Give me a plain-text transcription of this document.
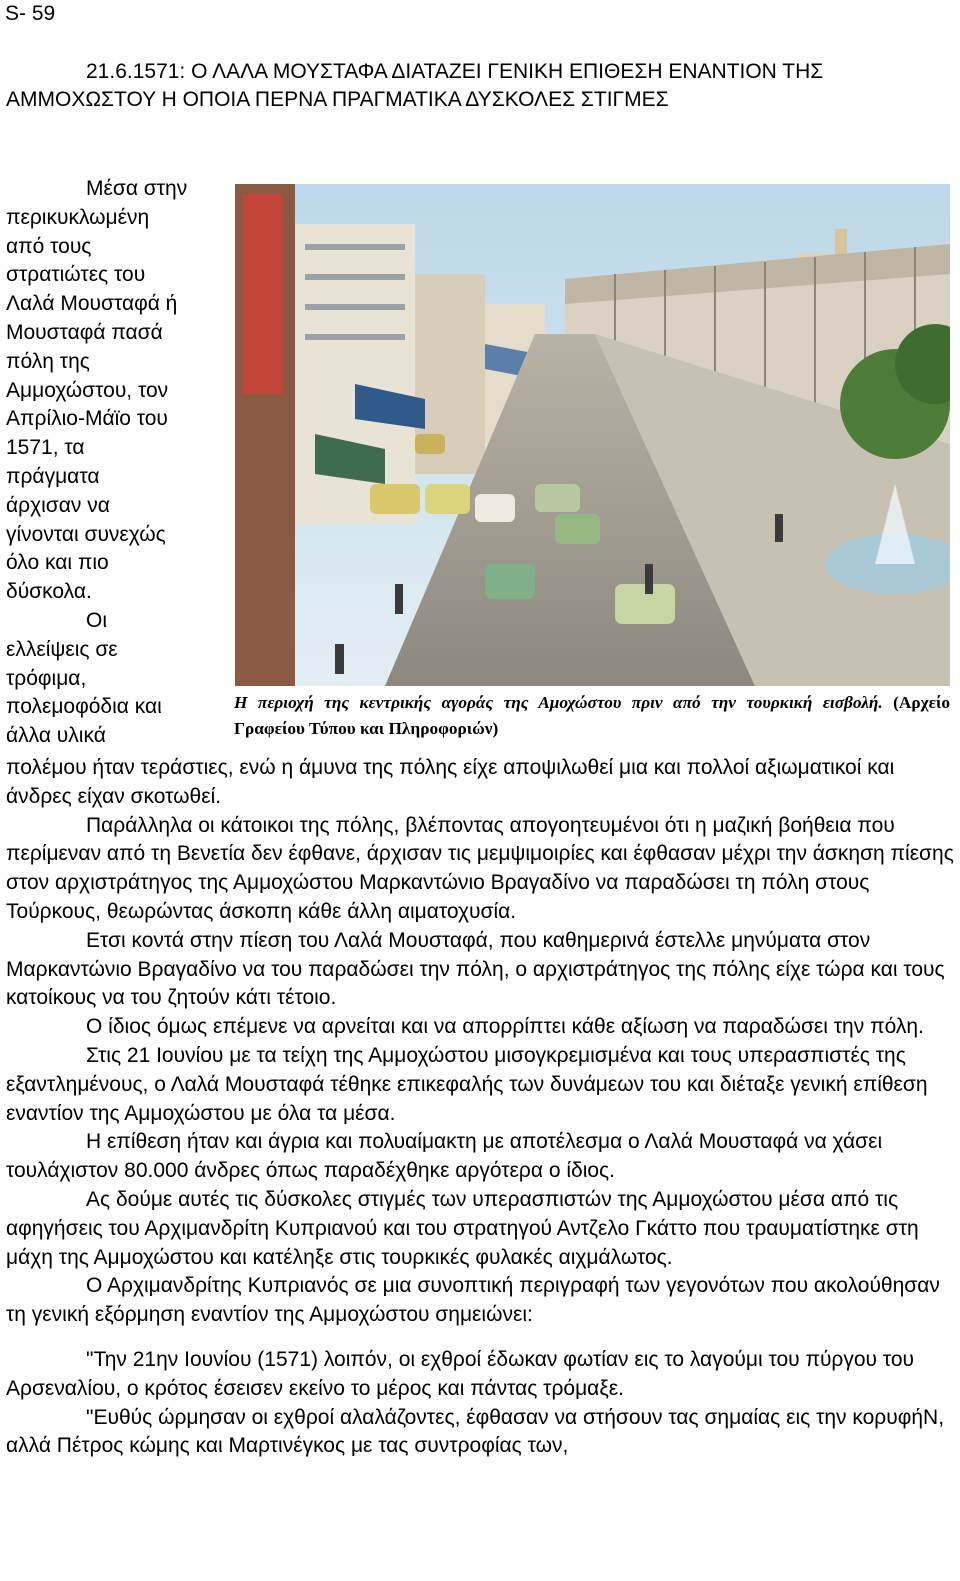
S- 59
21.6.1571: Ο ΛΑΛΑ ΜΟΥΣΤΑΦΑ ΔΙΑΤΑΖΕΙ ΓΕΝΙΚΗ ΕΠΙΘΕΣΗ ΕΝΑΝΤΙΟΝ ΤΗΣ ΑΜΜΟΧΩΣΤΟΥ Η ΟΠΟΙΑ ΠΕΡΝΑ ΠΡΑΓΜΑΤΙΚΑ ΔΥΣΚΟΛΕΣ ΣΤΙΓΜΕΣ
Μέσα στην
περικυκλωμένη
από τους
στρατιώτες του
Λαλά Μουσταφά ή
Μουσταφά πασά
πόλη της
Αμμοχώστου, τον
Απρίλιο-Μάϊο του
1571, τα
πράγματα
άρχισαν να
γίνονται συνεχώς
όλο και πιο
δύσκολα.
Οι
ελλείψεις σε
τρόφιμα,
πολεμοφόδια και
άλλα υλικά

Η περιοχή της κεντρικής αγοράς της Αμοχώστου πριν από την τουρκική εισβολή. (Αρχείο Γραφείου Τύπου και Πληροφοριών)

πολέμου ήταν τεράστιες, ενώ η άμυνα της πόλης είχε αποψιλωθεί μια και πολλοί αξιωματικοί και άνδρες είχαν σκοτωθεί.

Παράλληλα οι κάτοικοι της πόλης, βλέποντας απογοητευμένοι ότι η μαζική βοήθεια που περίμεναν από τη Βενετία δεν έφθανε, άρχισαν τις μεμψιμοιρίες και έφθασαν μέχρι την άσκηση πίεσης στον αρχιστράτηγος της Αμμοχώστου Μαρκαντώνιο Βραγαδίνο να παραδώσει τη πόλη στους Τούρκους, θεωρώντας άσκοπη κάθε άλλη αιματοχυσία.

Ετσι κοντά στην πίεση του Λαλά Μουσταφά, που καθημερινά έστελλε μηνύματα στον Μαρκαντώνιο Βραγαδίνο να του παραδώσει την πόλη, ο αρχιστράτηγος της πόλης είχε τώρα και τους κατοίκους να του ζητούν κάτι τέτοιο.

Ο ίδιος όμως επέμενε να αρνείται και να απορρίπτει κάθε αξίωση να παραδώσει την πόλη.

Στις 21 Ιουνίου με τα τείχη της Αμμοχώστου μισογκρεμισμένα και τους υπερασπιστές της εξαντλημένους, ο Λαλά Μουσταφά τέθηκε επικεφαλής των δυνάμεων του και διέταξε γενική επίθεση εναντίον της Αμμοχώστου με όλα τα μέσα.

Η επίθεση ήταν και άγρια και πολυαίμακτη με αποτέλεσμα ο Λαλά Μουσταφά να χάσει τουλάχιστον 80.000 άνδρες όπως παραδέχθηκε αργότερα ο ίδιος.

Ας δούμε αυτές τις δύσκολες στιγμές των υπερασπιστών της Αμμοχώστου μέσα από τις αφηγήσεις του Αρχιμανδρίτη Κυπριανού και του στρατηγού Αντζελο Γκάττο που τραυματίστηκε στη μάχη της Αμμοχώστου και κατέληξε στις τουρκικές φυλακές αιχμάλωτος.

Ο Αρχιμανδρίτης Κυπριανός σε μια συνοπτική περιγραφή των γεγονότων που ακολούθησαν τη γενική εξόρμηση εναντίον της Αμμοχώστου σημειώνει:

"Την 21ην Ιουνίου (1571) λοιπόν, οι εχθροί έδωκαν φωτίαν εις το λαγούμι του πύργου του Αρσεναλίου, ο κρότος έσεισεν εκείνο το μέρος και πάντας τρόμαξε.

"Ευθύς ώρμησαν οι εχθροί αλαλάζοντες, έφθασαν να στήσουν τας σημαίας εις την κορυφήΝ, αλλά Πέτρος κώμης και Μαρτινέγκος με τας συντροφίας των,
